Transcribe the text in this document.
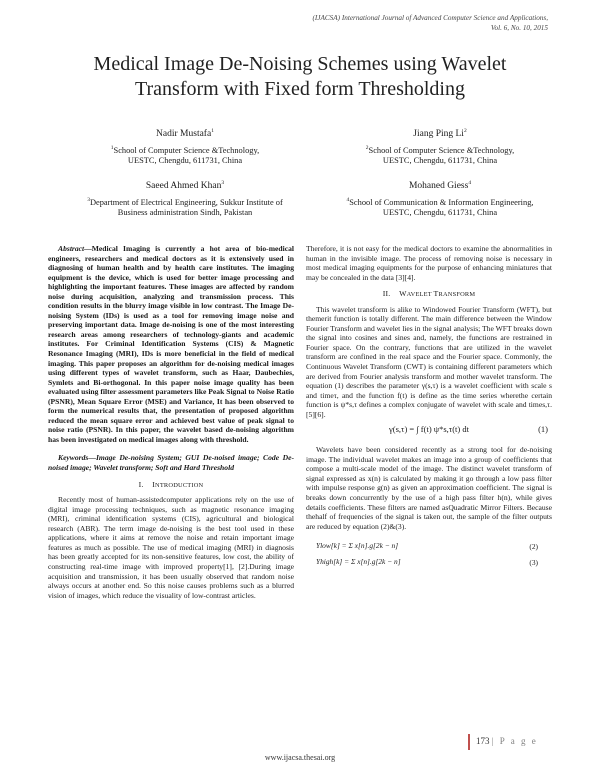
(IJACSA) International Journal of Advanced Computer Science and Applications,
Vol. 6, No. 10, 2015
Medical Image De-Noising Schemes using Wavelet
Transform with Fixed form Thresholding
Nadir Mustafa$^1$
$^1$School of Computer Science &Technology,
UESTC, Chengdu, 611731, China
Jiang Ping Li$^2$
$^2$School of Computer Science &Technology,
UESTC, Chengdu, 611731, China
Saeed Ahmed Khan$^3$
$^3$Department of Electrical Engineering, Sukkur Institute of
Business administration Sindh, Pakistan
Mohaned Giess$^4$
$^4$School of Communication & Information Engineering,
UESTC, Chengdu, 611731, China

Abstract—Medical Imaging is currently a hot area of bio-medical engineers, researchers and medical doctors as it is extensively used in diagnosing of human health and by health care institutes. The imaging equipment is the device, which is used for better image processing and highlighting the important features. These images are affected by random noise during acquisition, analyzing and transmission process. This condition results in the blurry image visible in low contrast. The Image De-noising System (IDs) is used as a tool for removing image noise and preserving important data. Image de-noising is one of the most interesting research areas among researchers of technology-giants and academic institutes. For Criminal Identification Systems (CIS) & Magnetic Resonance Imaging (MRI), IDs is more beneficial in the field of medical imaging. This paper proposes an algorithm for de-noising medical images using different types of wavelet transform, such as Haar, Daubechies, Symlets and Bi-orthogonal. In this paper noise image quality has been evaluated using filter assessment parameters like Peak Signal to Noise Ratio (PSNR), Mean Square Error (MSE) and Variance, It has been observed to form the numerical results that, the presentation of proposed algorithm reduced the mean square error and achieved best value of peak signal to noise ratio (PSNR). In this paper, the wavelet based de-noising algorithm has been investigated on medical images along with threshold.

Keywords—Image De-noising System; GUI De-noised image; Code De-noised image; Wavelet transform; Soft and Hard Threshold

I. INTRODUCTION

Recently most of human-assistedcomputer applications rely on the use of digital image processing techniques, such as magnetic resonance imaging (MRI), criminal identification systems (CIS), agricultural and biological research (ABR). The term image de-noising is the best tool used in these applications, where it aims at remove the noise and retain important image features as much as possible. The use of medical imaging (MRI) in diagnosis has been greatly accepted for its non-sensitive features, low cost, the ability of constructing real-time image with improved property[1], [2].During image acquisition and transmission, it has been usually observed that random noise always occurs at another end. So this noise causes problems such as a blurred vision of images, which reduce the visuality of low-contrast articles.

Therefore, it is not easy for the medical doctors to examine the abnormalities in human in the invisible image. The process of removing noise is necessary in most medical imaging equipments for the purpose of enhancing miniatures that may be concealed in the data [3][4].

II. WAVELET TRANSFORM

This wavelet transform is alike to Windowed Fourier Transform (WFT), but themerit function is totally different. The main difference between the Window Fourier Transform and wavelet lies in the signal analysis; The WFT breaks down the signal into cosines and sines and, namely, the functions are restrained in Fourier space. On the contrary, functions that are utilized in the wavelet transform are confined in the real space and the Fourier space. Commonly, the Continuous Wavelet Transform (CWT) is containing different parameters which are derived from Fourier analysis transform and mother wavelet transform. The equation (1) describes the parameter γ(s,τ) is a wavelet coefficient with scale s and timeτ, and the function f(t) is define as the time series wherethe certain function is ψ*s,τ defines a complex conjugate of wavelet with scale and times,τ.[5][6].

γ(s,τ) = ∫ f(t) ψ*s,τ(t) dt	(1)

Wavelets have been considered recently as a strong tool for de-noising image. The individual wavelet makes an image into a group of coefficients that compose a multi-scale model of the image. The distinct wavelet transform of signal expressed as x(n) is calculated by making it go through a low pass filter with impulse response g(n) as given an approximation coefficient. The signal is breaks down concurrently by the use of a high pass filter h(n), while gives details coefficients. These filters are named asQuadratic Mirror Filters. Because thehalf of frequencies of the signal is taken out, the sample of the filter outputs are reduced by equation (2)&(3).

Ylow[k] = Σ x[n].g[2k − n]	(2)
Yhigh[k] = Σ x[n].g[2k − n]	(3)
173 | P a g e
www.ijacsa.thesai.org
